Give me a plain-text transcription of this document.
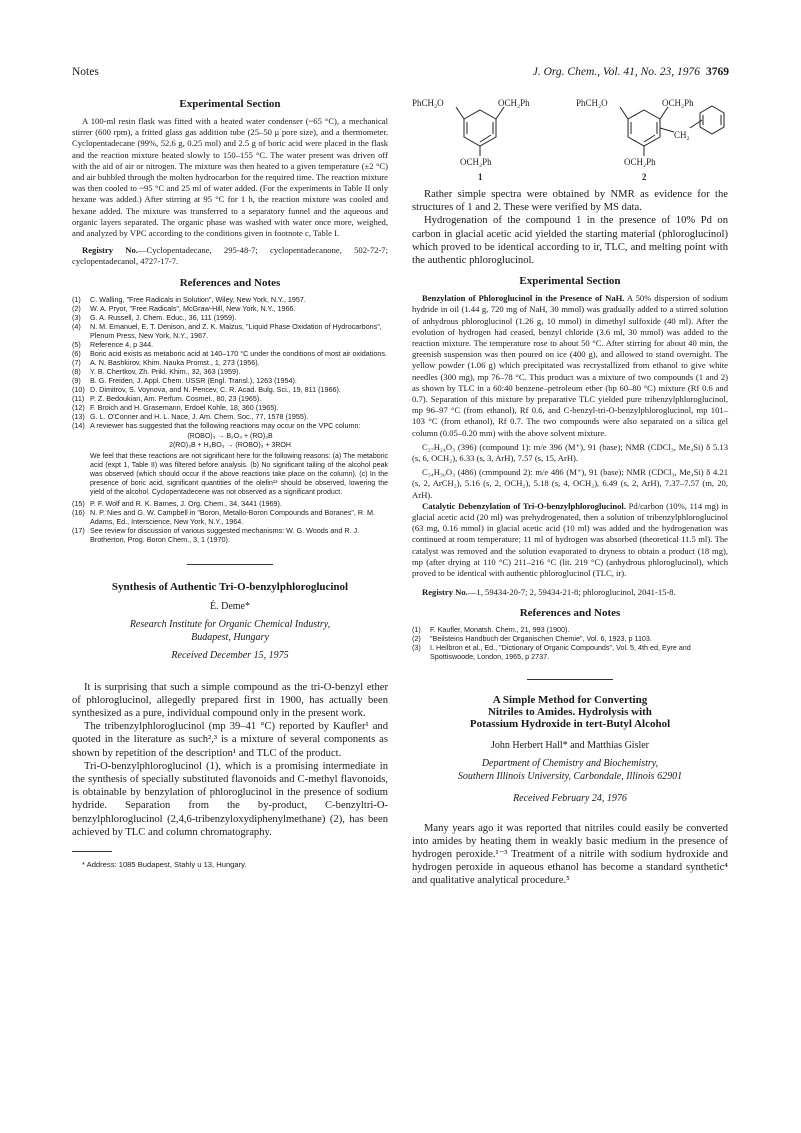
Notes	J. Org. Chem., Vol. 41, No. 23, 1976 3769
Experimental Section

A 100-ml resin flask was fitted with a heated water condenser (~65 °C), a mechanical stirrer (600 rpm), a fritted glass gas addition tube (25–50 μ pore size), and a thermometer. Cyclopentadecane (99%, 52.6 g, 0.25 mol) and 2.5 g of boric acid were placed in the flask and the reaction mixture heated slowly to 150–155 °C. The water present was driven off with the aid of air or nitrogen. The mixture was then heated to a given temperature (±2 °C) and air bubbled through the molten hydrocarbon for the required time. The reaction mixture was then cooled to ~95 °C and 25 ml of water added. (For the experiments in Table II only hexane was added.) After stirring at 95 °C for 1 h, the reaction mixture was cooled and hexane added. The mixture was transferred to a separatory funnel and the aqueous and organic layers separated. The organic phase was washed with water once more, weighed, and analyzed by VPC according to the conditions given in footnote c, Table I.

Registry No.—Cyclopentadecane, 295-48-7; cyclopentadecanone, 502-72-7; cyclopentadecanol, 4727-17-7.

References and Notes
(1) C. Walling, "Free Radicals in Solution", Wiley, New York, N.Y., 1957.
(2) W. A. Pryor, "Free Radicals", McGraw-Hill, New York, N.Y., 1966.
(3) G. A. Russell, J. Chem. Educ., 36, 111 (1959).
(4) N. M. Emanuel, E. T. Denison, and Z. K. Maizus, "Liquid Phase Oxidation of Hydrocarbons", Plenum Press, New York, N.Y., 1967.
(5) Reference 4, p 344.
(6) Boric acid exists as metaboric acid at 140–170 °C under the conditions of most air oxidations.
(7) A. N. Bashkirov, Khim. Nauka Promst., 1, 273 (1956).
(8) Y. B. Chertkov, Zh. Prikl. Khim., 32, 363 (1959).
(9) B. G. Freiden, J. Appl. Chem. USSR (Engl. Transl.), 1263 (1954).
(10) D. Dimitrov, S. Voynova, and N. Pencev, C. R. Acad. Bulg. Sci., 19, 811 (1966).
(11) P. Z. Bedoukian, Am. Perfum. Cosmet., 80, 23 (1965).
(12) F. Broich and H. Grasemann, Erdoel Kohle, 18, 360 (1965).
(13) G. L. O'Conner and H. L. Nace, J. Am. Chem. Soc., 77, 1578 (1955).
(14) A reviewer has suggested that the following reactions may occur on the VPC column:
(ROBO)₃ → B₂O₃ + (RO)₃B
2(RO)₃B + H₃BO₃ → (ROBO)₃ + 3ROH

We feel that these reactions are not significant here for the following reasons: (a) The metaboric acid (expt 1, Table II) was filtered before analysis. (b) No significant tailing of the alcohol peak was observed (which should occur if the above reactions take place on the column). (c) In the presence of boric acid, significant quantities of the olefin¹³ should be observed, lowering the yield of the alcohol. Cyclopentadecene was not observed as a significant product.

(15) P. F. Wolf and R. K. Barnes, J. Org. Chem., 34, 3441 (1969).
(16) N. P. Nies and G. W. Campbell in "Boron, Metallo-Boron Compounds and Boranes", R. M. Adams, Ed., Interscience, New York, N.Y., 1964.
(17) See review for discussion of various suggested mechanisms: W. G. Woods and R. J. Brotherton, Prog. Boron Chem., 3, 1 (1970).
Synthesis of Authentic Tri-O-benzylphloroglucinol
É. Deme*

Research Institute for Organic Chemical Industry,

Budapest, Hungary

Received December 15, 1975

It is surprising that such a simple compound as the tri-O-benzyl ether of phloroglucinol, allegedly prepared first in 1900, has actually been synthesized as a pure, individual compound only in the present work.

The tribenzylphloroglucinol (mp 39–41 °C) reported by Kaufler¹ and quoted in the literature as such²,³ is a mixture of several components as shown by repetition of the description¹ and TLC of the product.

Tri-O-benzylphloroglucinol (1), which is a promising intermediate in the synthesis of specially substituted flavonoids and C-methyl flavonoids, is obtainable by benzylation of phloroglucinol in the presence of sodium hydride. Separation from the by-product, C-benzyltri-O-benzylphloroglucinol (2,4,6-tribenzyloxydiphenylmethane) (2), has been achieved by TLC and column chromatography.

* Address: 1085 Budapest, Stahly u 13, Hungary.

PhCH₂O	OCH₂Ph
OCH₂Ph
1
PhCH₂O	OCH₂Ph
CH₂
OCH₂Ph
2

Rather simple spectra were obtained by NMR as evidence for the structures of 1 and 2. These were verified by MS data.

Hydrogenation of the compound 1 in the presence of 10% Pd on carbon in glacial acetic acid yielded the starting material (phloroglucinol) which proved to be identical according to ir, TLC, and melting point with the authentic phloroglucinol.

Experimental Section

Benzylation of Phloroglucinol in the Presence of NaH. A 50% dispersion of sodium hydride in oil (1.44 g, 720 mg of NaH, 30 mmol) was gradually added to a stirred solution of anhydrous phloroglucinol (1.26 g, 10 mmol) in dimethyl sulfoxide (40 ml). After the evolution of hydrogen had ceased, benzyl chloride (3.6 ml, 30 mmol) was added to the reaction mixture. The temperature rose to about 50 °C. After stirring for about 40 min, the greenish suspension was then poured on ice (400 g), and allowed to stand overnight. The yellow powder (1.06 g) which precipitated was recrystallized from ethanol to give white needles (300 mg), mp 76–78 °C. This product was a mixture of two compounds (1 and 2) as shown by TLC in a 60:40 benzene–petroleum ether (bp 60–80 °C) mixture (Rf 0.6 and 0.7). Separation of this mixture by preparative TLC yielded pure tribenzylphloroglucinol, mp 96–97 °C (from ethanol), Rf 0.6, and C-benzyl-tri-O-benzylphloroglucinol, mp 101–103 °C (from ethanol), Rf 0.7. The two compounds were also separated on a silica gel column (0.05–0.20 mm) with the above solvent mixture.

C₂₇H₂₄O₃ (396) (compound 1): m/e 396 (M⁺), 91 (base); NMR (CDCl₃, Me₄Si) δ 5.13 (s, 6, OCH₂), 6.33 (s, 3, ArH), 7.57 (s, 15, ArH).

C₃₄H₃₀O₃ (486) (cmmpound 2): m/e 486 (M⁺), 91 (base); NMR (CDCl₃, Me₄Si) δ 4.21 (s, 2, ArCH₂), 5.16 (s, 2, OCH₂), 5.18 (s, 4, OCH₂), 6.49 (s, 2, ArH), 7.37–7.57 (m, 20, ArH).

Catalytic Debenzylation of Tri-O-benzylphloroglucinol. Pd/carbon (10%, 114 mg) in glacial acetic acid (20 ml) was prehydrogenated, then a solution of tribenzylphloroglucinol (63 mg, 0.16 mmol) in glacial acetic acid (10 ml) was added and the hydrogenation was continued at room temperature; 11 ml of hydrogen was absorbed (theoretical 11.5 ml). The catalyst was removed and the solution evaporated to dryness to obtain a product (18 mg), mp (after drying at 110 °C) 211–216 °C (lit. 219 °C) (anhydrous phloroglucinol), which proved to be identical with authentic phloroglucinol (TLC, ir).

Registry No.—1, 59434-20-7; 2, 59434-21-8; phloroglucinol, 2041-15-8.

References and Notes
(1) F. Kaufler, Monatsh. Chem., 21, 993 (1900).
(2) "Beilsteins Handbuch der Organischen Chemie", Vol. 6, 1923, p 1103.
(3) I. Heilbron et al., Ed., "Dictionary of Organic Compounds", Vol. 5, 4th ed, Eyre and Spottiswoode, London, 1965, p 2737.
A Simple Method for Converting
Nitriles to Amides. Hydrolysis with
Potassium Hydroxide in tert-Butyl Alcohol
John Herbert Hall* and Matthias Gisler

Department of Chemistry and Biochemistry,

Southern Illinois University, Carbondale, Illinois 62901

Received February 24, 1976

Many years ago it was reported that nitriles could easily be converted into amides by heating them in weakly basic medium in the presence of hydrogen peroxide.¹⁻³ Treatment of a nitrile with sodium hydroxide and hydrogen peroxide in aqueous ethanol has become a standard synthetic⁴ and qualitative analytical procedure.⁵
